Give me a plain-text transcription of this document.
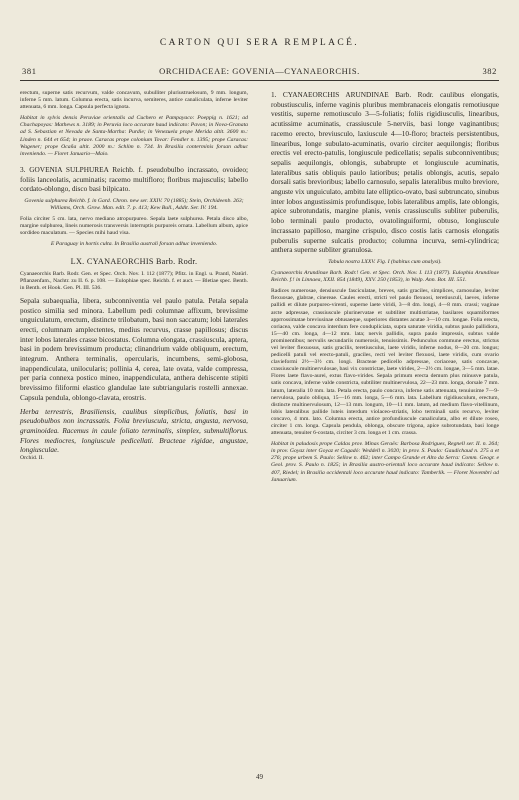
CARTON QUI SERA REMPLACÉ.
ORCHIDACEAE: GOVENIA—CYANAEORCHIS.
381	382

erectum, superne satis recurvum, valde concavum, subulliter pluriustruelosum, 9 mm. longum, inferne 5 mm. latum. Columna erecta, satis incurva, semiteres, antice canaliculata, inferne leviter attenuata, 6 mm. longa. Capsula perfecta ignota.

Habitat in sylvis densis Peruviae orientalis ad Cuchero et Pampayaco: Poeppig n. 1621; ad Chachapoyas: Mathews n. 3189; in Peruvia loco accurate haud indicato: Pavon; in Nova-Granata ad S. Sebastian et Nevada de Santa-Martha: Purdie; in Venezuela prope Merida altit. 3600 m.: Linden n. 644 et 654; in praov. Caracas prope colonium Tovar: Fendler n. 1395; prope Caracas: Wagener; prope Ocaña altit. 2000 m.: Schlim n. 734. In Brasilia conterminis forsan adhuc inveniendo. — Floret Januario—Maio.

3. GOVENIA SULPHUREA Reichb. f. pseudobulbo incrassato, ovoideo; foliis lanceolatis, acuminatis; racemo multifloro; floribus majusculis; labello cordato-oblongo, disco basi bilpicato.

Govenia sulphurea Reichb. f. in Gard. Chron. new ser. XXIV. 70 (1885); Stein, Orchideenb. 263; Williams, Orch. Grow. Man. edit. 7. p. 413; Kew Bull., Addit. Ser. IV. 194.

Folia circiter 5 cm. lata, nervo mediano atropurpureo. Sepala laete sulphurea. Petala disco albo, margine sulphurea, lineis numerosis transversis interruptis purpureis ornata. Labellum album, apice sordideo maculatum. — Species mihi haud visa.

E Paraguay in hortis culta. In Brasilia australi forsan adhuc inveniendo.

LX. CYANAEORCHIS Barb. Rodr.

Cyanaeorchis Barb. Rodr. Gen. et Spec. Orch. Nov. I. 112 (1877); Pfitz. in Engl. u. Prantl, Natürl. Pflanzenfam., Nachtr. zu II. 6. p. 108. — Eulophiae spec. Reichb. f. et auct. — Bletiae spec. Benth. in Benth. et Hook. Gen. Pl. III. 536.

Sepala subaequalia, libera, subconniventia vel paulo patula. Petala sepala postico similia sed minora. Labellum pedi columnae affixum, brevissime unguiculatum, erectum, distincte trilobatum, basi non saccatum; lobi laterales erecti, columnam amplectentes, medius recurvus, crasse papillosus; discus inter lobos laterales crasse bicostatus. Columna elongata, crassiuscula, aptera, basi in podem brevissimum producta; clinandrium valde obliquum, erectum, integrum. Anthera terminalis, opercularis, incumbens, semi-globosa, inappendiculata, unilocularis; pollinia 4, cerea, late ovata, valde compressa, per paria connexa postico mineo, inappendiculata, anthera dehiscente stipiti brevissimo filiformi elastico glandulae late subtriangularis rostelli annexae. Capsula pendula, oblongo-clavata, erostris.

Herba terrestris, Brasiliensis, caulibus simplicibus, foliatis, basi in pseudobulbos non incrassatis. Folia breviuscula, stricta, angusta, nervosa, graminoidea. Racemus in caule foliato terminalis, simplex, submultiflorus. Flores mediocres, longiuscule pedicellati. Bracteae rigidae, angustae, longiusculae.

Orchid. II.

1. CYANAEORCHIS ARUNDINAE Barb. Rodr. caulibus elongatis, robustiusculis, inferne vaginis pluribus membranaceis elongatis remotiusque vestitis, superne remotiusculo 3—5-foliatis; foliis rigidiusculis, linearibus, acutissime acuminatis, crassiuscule 5-nerviis, basi longe vaginantibus; racemo erecto, breviusculo, laxiuscule 4—10-floro; bracteis persistentibus, linearibus, longe subulato-acuminatis, ovario circiter aequilongis; floribus erectis vel erecto-patulis, longiuscule pedicellatis; sepalis subconniventibus; sepalis aequilongis, oblongis, subabrupte et longiuscule acuminatis, lateralibus satis obliquis paulo latioribus; petalis oblongis, acutis, sepalo dorsali satis brevioribus; labello carnosulo, sepalis lateralibus multo breviore, anguste vix unguiculato, ambitu late elliptico-ovato, basi subtruncato, sinubus inter lobos angustissimis profundisque, lobis lateralibus amplis, late oblongis, apice subrotundatis, margine planis, venis crassiusculis subliter puberulis, lobo terminali paulo producto, ovatolinguiformi, obtuso, longiuscule incrassato papilloso, margine crispulo, disco costis latis carnosis elongatis puberulis superne sulcatis producto; columna incurva, semi-cylindrica; anthera superne subliter granulosa.

Tabula nostra LXXV. Fig. I (habitus cum analysi).

Cyanaeorchis Arundinae Barb. Rodr.! Gen. et Spec. Orch. Nov. I. 113 (1877). Eulophia Arundinae Reichb. f.! in Linnaea, XXII. 854 (1849), XXV. 250 (1853), in Walp. Ann. Bot. III. 551.

Radices numerosae, densiuscule fasciculatae, breves, satis graciles, simplices, carnosulae, leviter flexuosae, glabrae, cinereae. Caules erecti, stricti vel paulo flexuosi, teretiusculi, laeves, inferne pallidi et dilute purpureo-virenti, superne laete viridi, 3—8 dm. longi, 4—8 mm. crassi; vaginae arcte adpressae, crassiuscule plurinervatae et subtiliter multistriatae, basilares squamiformes apprrossimatae breviusinae obtusaeque, superiores distantes acutae 3—10 cm. longae. Folia erecta, coriacea, valde concava interdum fere condupliciata, supra saturate viridia, subtus paulo pallidiora, 15—40 cm. longa, 4—12 mm. lata; nervis pallidis, supra paulo impressis, subtus valde prominentibus; nervulis secundariis numerosis, tenuissimis. Pedunculus commune erectus, strictus vel leviter flexuosus, satis gracilis, teretiusculus, laete viridis, inferne nodus, 8—20 cm. longus; pedicelli patuli vel erecto-patuli, graciles, recti vel leviter flexuosi, laete viridis, cum ovario clavieformi 2½—3½ cm. longi. Bracteae pedicello adpressae, coriaceae, satis concavae, crassiuscule multinervulosae, basi vix constrictae, laete virides, 2—2½ cm. longae, 3—5 mm. latae. Flores laete flavo-aurei, extus flavo-virides. Sepala primum erecta demum plus minusve patula, satis concava, inferne valde constricta, subtiliter multinervulosa, 22—23 mm. longa, dorsale 7 mm. latum, lateralia 10 mm. lata. Petala erecta, paulo concava, inferne satis attenuata, tenuiusime 7—9-nervulosa, paulo obliqua, 15—16 mm. longa, 5—6 mm. lata. Labellum rigidiusculum, erectum, distincte multinervulosum, 12—13 mm. longum, 10—11 mm. latum, ad medium flavo-vitellinum, lobis lateralibus pallide luteis interdum violaceo-striatis, lobo terminali satis recurvo, leviter concavo, 4 mm. lato. Columna erecta, antice profundiuscule canaliculata, albo et dilute roseo, circiter 1 cm. longa. Capsula pendula, oblonga, obscure trigona, apice subrotundata, basi longe attenuata, tenuiter 6-costata, circiter 3 cm. longa et 1 cm. crassa.

Habitat in paludosis prope Caldas prov. Minas Geraës: Barbosa Rodrigues, Regnell ser. II. n. 264; in prov. Goyaz inter Goyaz et Cagadó: Weddell n. 3020; in prov. S. Paulo: Gaudichaud n. 275 a et 276; prope urbem S. Paulo: Sellow n. 462; inter Campo Grande et Alto da Serra: Comm. Geogr. e Geol. prov. S. Paulo n. 1825; in Brasilia austro-orientali loco accurate haud indicato: Sellow n. 407, Riedel; in Brasilia occidentali loco accurate haud indicato: Tamberlik. — Floret Novembri ad Januarium.

49
